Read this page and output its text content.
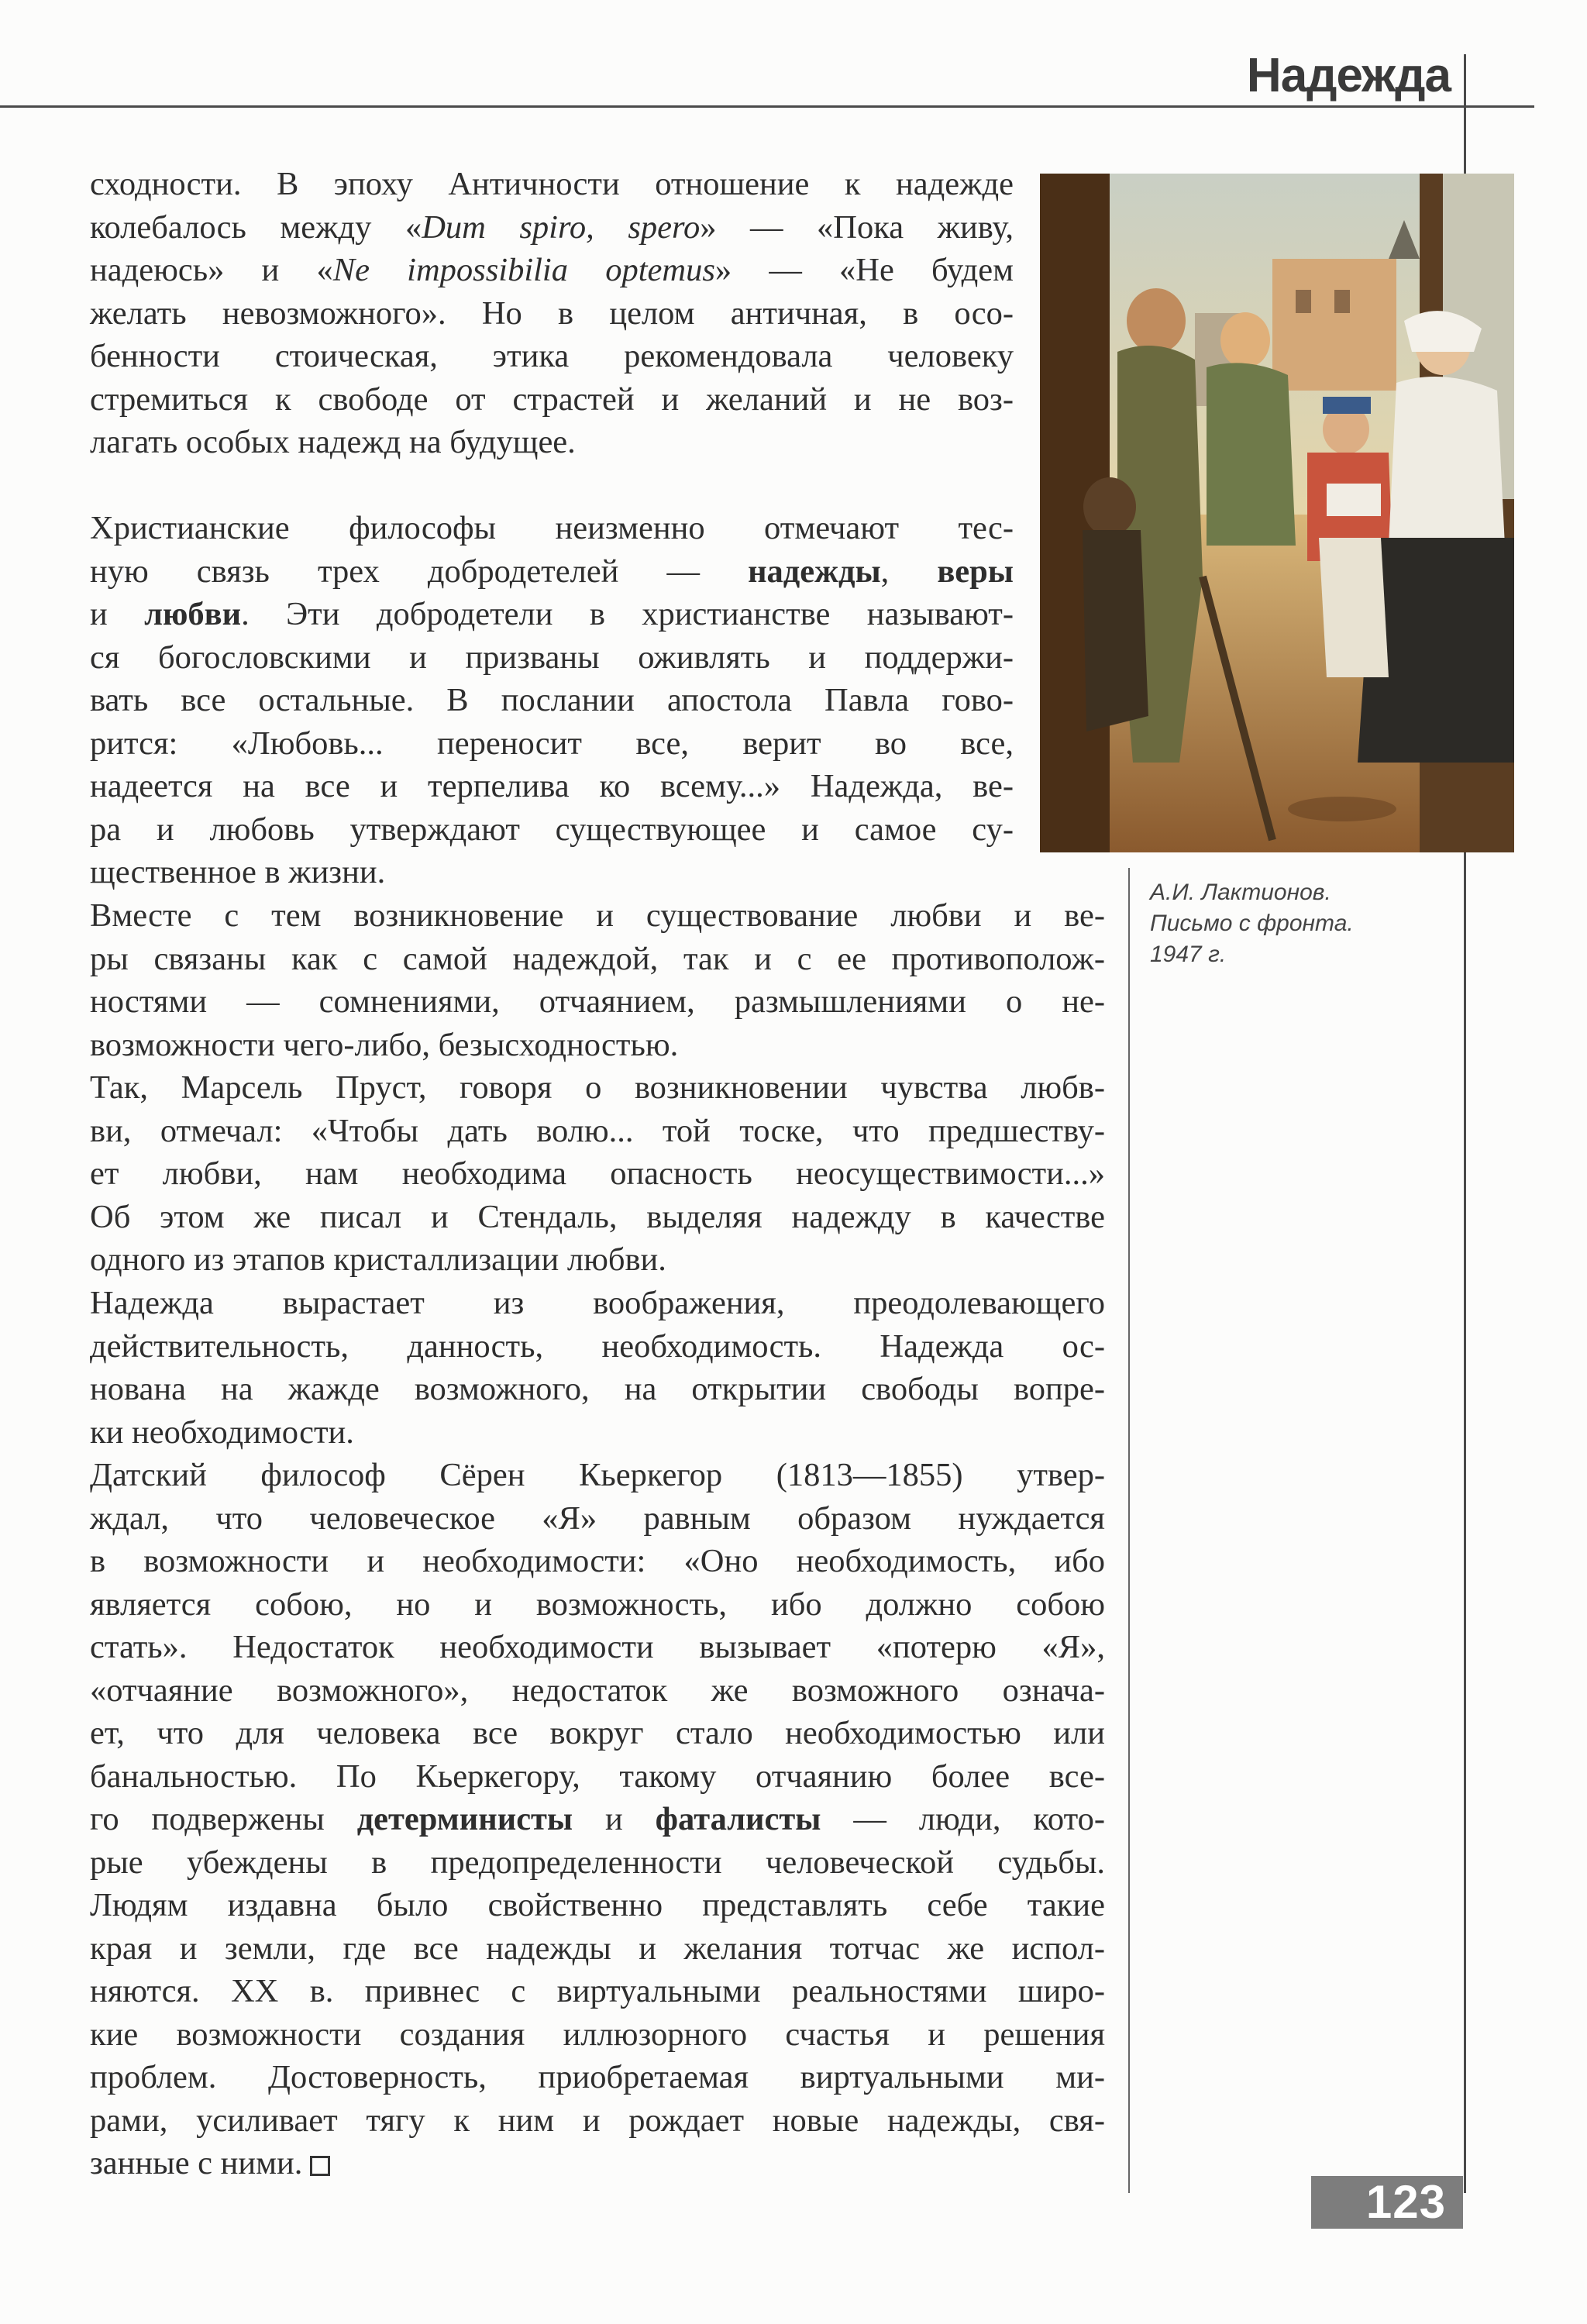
Надежда
сходности. В эпоху Античности отношение к надежде
колебалось между «Dum spiro, spero» — «Пока живу,
надеюсь» и «Ne impossibilia optemus» — «Не будем
желать невозможного». Но в целом античная, в осо-
бенности стоическая, этика рекомендовала человеку
стремиться к свободе от страстей и желаний и не воз-
лагать особых надежд на будущее.
Христианские философы неизменно отмечают тес-
ную связь трех добродетелей — надежды, веры
и любви. Эти добродетели в христианстве называют-
ся богословскими и призваны оживлять и поддержи-
вать все остальные. В послании апостола Павла гово-
рится: «Любовь... переносит все, верит во все,
надеется на все и терпелива ко всему...» Надежда, ве-
ра и любовь утверждают существующее и самое су-
щественное в жизни.
Вместе с тем возникновение и существование любви и ве-
ры связаны как с самой надеждой, так и с ее противополож-
ностями — сомнениями, отчаянием, размышлениями о не-
возможности чего-либо, безысходностью.
Так, Марсель Пруст, говоря о возникновении чувства любв-
ви, отмечал: «Чтобы дать волю... той тоске, что предшеству-
ет любви, нам необходима опасность неосуществимости...»
Об этом же писал и Стендаль, выделяя надежду в качестве
одного из этапов кристаллизации любви.
Надежда вырастает из воображения, преодолевающего
действительность, данность, необходимость. Надежда ос-
нована на жажде возможного, на открытии свободы вопре-
ки необходимости.
Датский философ Сёрен Кьеркегор (1813—1855) утвер-
ждал, что человеческое «Я» равным образом нуждается
в возможности и необходимости: «Оно необходимость, ибо
является собою, но и возможность, ибо должно собою
стать». Недостаток необходимости вызывает «потерю «Я»,
«отчаяние возможного», недостаток же возможного означа-
ет, что для человека все вокруг стало необходимостью или
банальностью. По Кьеркегору, такому отчаянию более все-
го подвержены детерминисты и фаталисты — люди, кото-
рые убеждены в предопределенности человеческой судьбы.
Людям издавна было свойственно представлять себе такие
края и земли, где все надежды и желания тотчас же испол-
няются. XX в. привнес с виртуальными реальностями широ-
кие возможности создания иллюзорного счастья и решения
проблем. Достоверность, приобретаемая виртуальными ми-
рами, усиливает тягу к ним и рождает новые надежды, свя-
занные с ними.
А.И. Лактионов.
Письмо с фронта.
1947 г.
123
